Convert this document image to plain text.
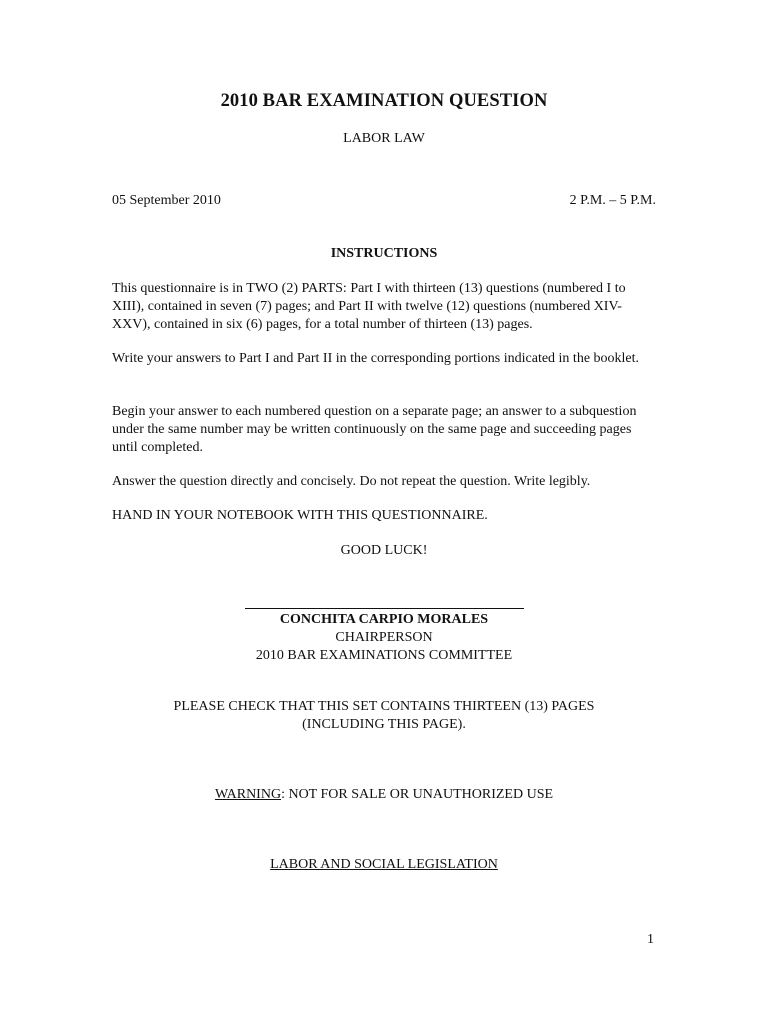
2010 BAR EXAMINATION QUESTION
LABOR LAW
05 September 2010	2 P.M. – 5 P.M.
INSTRUCTIONS
This questionnaire is in TWO (2) PARTS: Part I with thirteen (13) questions (numbered I to XIII), contained in seven (7) pages; and Part II with twelve (12) questions (numbered XIV-XXV), contained in six (6) pages, for a total number of thirteen (13) pages.
Write your answers to Part I and Part II in the corresponding portions indicated in the booklet.
Begin your answer to each numbered question on a separate page; an answer to a subquestion under the same number may be written continuously on the same page and succeeding pages until completed.
Answer the question directly and concisely. Do not repeat the question. Write legibly.
HAND IN YOUR NOTEBOOK WITH THIS QUESTIONNAIRE.
GOOD LUCK!
CONCHITA CARPIO MORALES
CHAIRPERSON
2010 BAR EXAMINATIONS COMMITTEE
PLEASE CHECK THAT THIS SET CONTAINS THIRTEEN (13) PAGES
(INCLUDING THIS PAGE).
WARNING: NOT FOR SALE OR UNAUTHORIZED USE
LABOR AND SOCIAL LEGISLATION
1
